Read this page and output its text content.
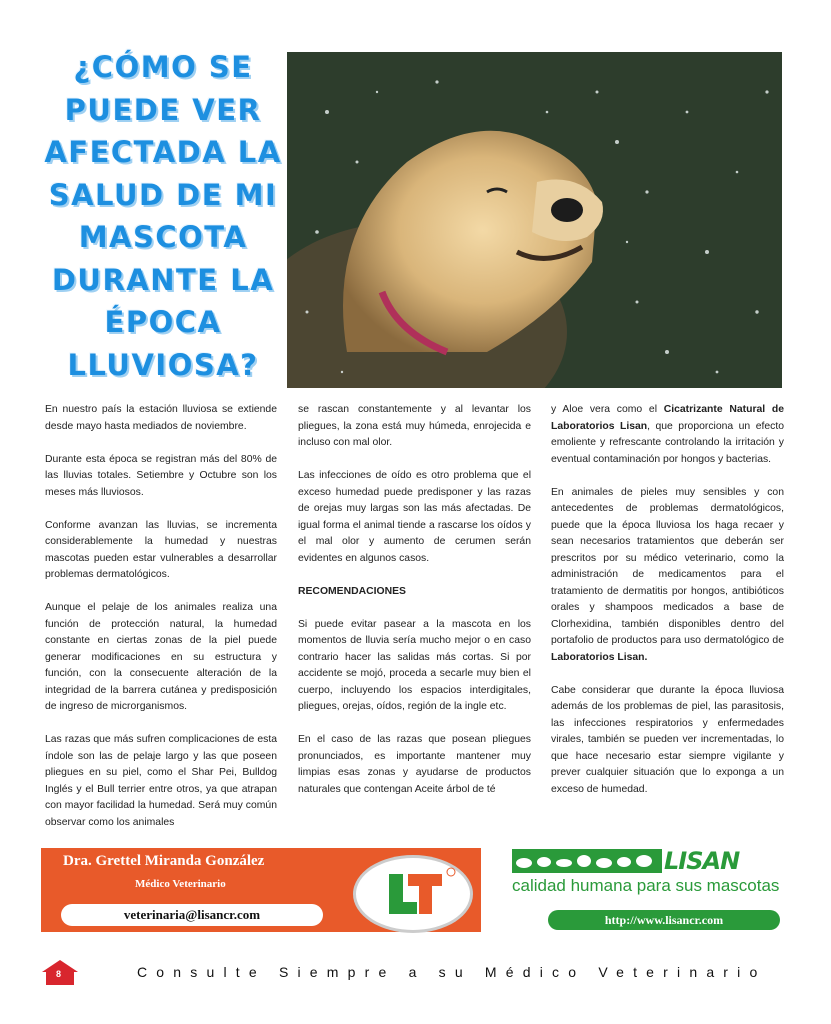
¿CÓMO SE
PUEDE VER
AFECTADA LA
SALUD DE MI
MASCOTA
DURANTE LA
ÉPOCA
LLUVIOSA?

En nuestro país la estación lluviosa se extiende desde mayo hasta mediados de noviembre.

Durante esta época se registran más del 80% de las lluvias totales. Setiembre y Octubre son los meses más lluviosos.

Conforme avanzan las lluvias, se incrementa considerablemente la humedad y nuestras mascotas pueden estar vulnerables a desarrollar problemas dermatológicos.

Aunque el pelaje de los animales realiza una función de protección natural, la humedad constante en ciertas zonas de la piel puede generar modificaciones en su estructura y función, con la consecuente alteración de la integridad de la barrera cutánea y predisposición de ingreso de microrganismos.

Las razas que más sufren complicaciones de esta índole son las de pelaje largo y las que poseen pliegues en su piel, como el Shar Pei, Bulldog Inglés y el Bull terrier entre otros, ya que atrapan con mayor facilidad la humedad. Será muy común observar como los animales

se rascan constantemente y al levantar los pliegues, la zona está muy húmeda, enrojecida e incluso con mal olor.

Las infecciones de oído es otro problema que el exceso humedad puede predisponer y las razas de orejas muy largas son las más afectadas. De igual forma el animal tiende a rascarse los oídos y el mal olor y aumento de cerumen serán evidentes en algunos casos.

RECOMENDACIONES

Si puede evitar pasear a la mascota en los momentos de lluvia sería mucho mejor o en caso contrario hacer las salidas más cortas. Si por accidente se mojó, proceda a secarle muy bien el cuerpo, incluyendo los espacios interdigitales, pliegues, orejas, oídos, región de la ingle etc.

En el caso de las razas que posean pliegues pronunciados, es importante mantener muy limpias esas zonas y ayudarse de productos naturales que contengan Aceite árbol de té

y Aloe vera como el Cicatrizante Natural de Laboratorios Lisan, que proporciona un efecto emoliente y refrescante controlando la irritación y eventual contaminación por hongos y bacterias.

En animales de pieles muy sensibles y con antecedentes de problemas dermatológicos, puede que la época lluviosa los haga recaer y sean necesarios tratamientos que deberán ser prescritos por su médico veterinario, como la administración de medicamentos para el tratamiento de dermatitis por hongos, antibióticos orales y shampoos medicados a base de Clorhexidina, también disponibles dentro del portafolio de productos para uso dermatológico de Laboratorios Lisan.

Cabe considerar que durante la época lluviosa además de los problemas de piel, las parasitosis, las infecciones respiratorios y enfermedades virales, también se pueden ver incrementadas, lo que hace necesario estar siempre vigilante y prever cualquier situación que lo exponga a un exceso de humedad.

Dra. Grettel Miranda González
Médico Veterinario
veterinaria@lisancr.com
LISAN
calidad humana para sus mascotas
http://www.lisancr.com
8	Consulte Siempre a su Médico Veterinario
